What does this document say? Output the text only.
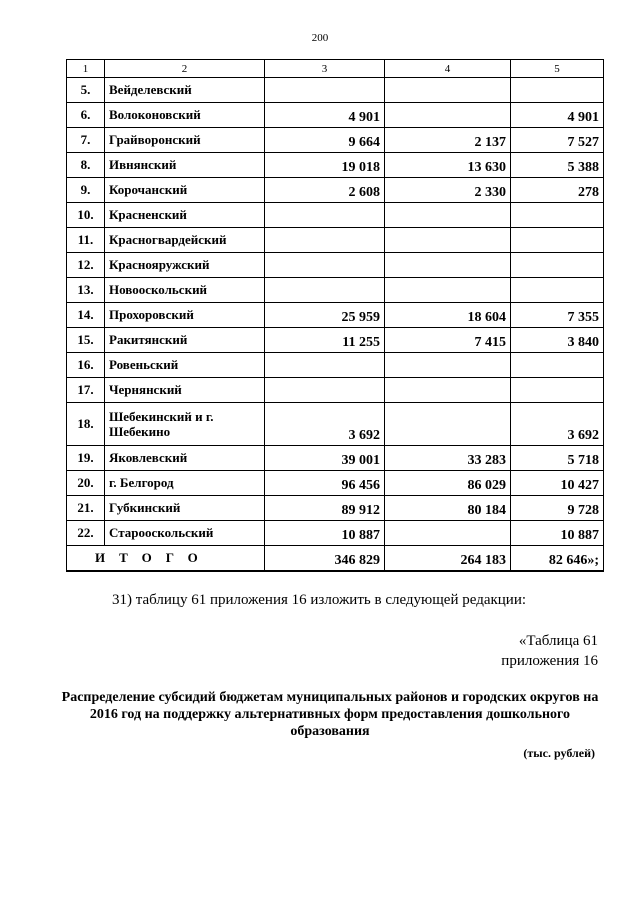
200
1	2	3	4	5
5.	Вейделевский			
6.	Волоконовский	4 901		4 901
7.	Грайворонский	9 664	2 137	7 527
8.	Ивнянский	19 018	13 630	5 388
9.	Корочанский	2 608	2 330	278
10.	Красненский			
11.	Красногвардейский			
12.	Краснояружский			
13.	Новооскольский			
14.	Прохоровский	25 959	18 604	7 355
15.	Ракитянский	11 255	7 415	3 840
16.	Ровеньский			
17.	Чернянский			
18.	Шебекинский и г. Шебекино	3 692		3 692
19.	Яковлевский	39 001	33 283	5 718
20.	г. Белгород	96 456	86 029	10 427
21.	Губкинский	89 912	80 184	9 728
22.	Старооскольский	10 887		10 887
ИТОГО		346 829	264 183	82 646»;
31) таблицу 61 приложения 16 изложить в следующей редакции:
«Таблица 61
приложения 16
Распределение субсидий бюджетам муниципальных районов и городских округов на 2016 год на поддержку альтернативных форм предоставления дошкольного образования
(тыс. рублей)
